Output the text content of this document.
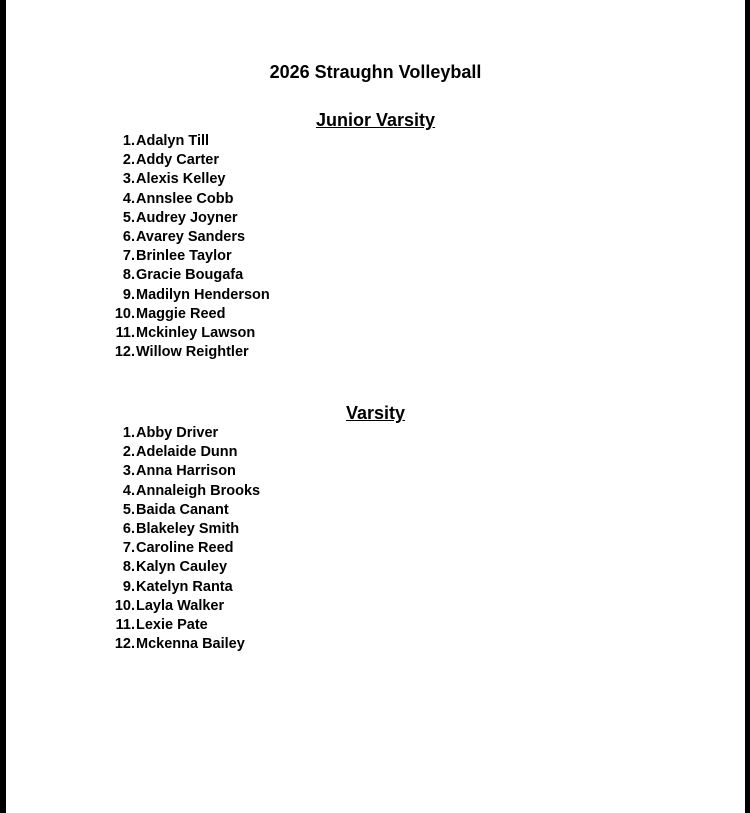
2026 Straughn Volleyball
Junior Varsity
1. Adalyn Till
2. Addy Carter
3. Alexis Kelley
4. Annslee Cobb
5. Audrey Joyner
6. Avarey Sanders
7. Brinlee Taylor
8. Gracie Bougafa
9. Madilyn Henderson
10. Maggie Reed
11. Mckinley Lawson
12. Willow Reightler
Varsity
1. Abby Driver
2. Adelaide Dunn
3. Anna Harrison
4. Annaleigh Brooks
5. Baida Canant
6. Blakeley Smith
7. Caroline Reed
8. Kalyn Cauley
9. Katelyn Ranta
10. Layla Walker
11. Lexie Pate
12. Mckenna Bailey
